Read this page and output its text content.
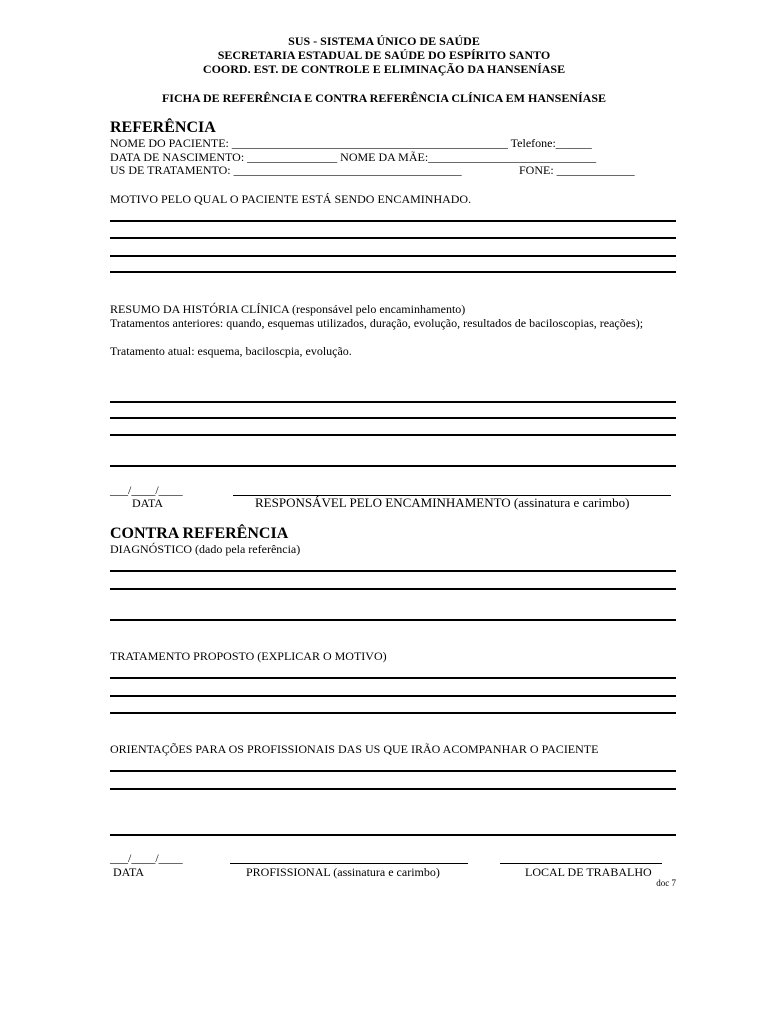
SUS - SISTEMA ÚNICO DE SAÚDE
SECRETARIA ESTADUAL DE SAÚDE DO ESPÍRITO SANTO
COORD. EST. DE CONTROLE E ELIMINAÇÃO DA HANSENÍASE
FICHA DE REFERÊNCIA E CONTRA REFERÊNCIA CLÍNICA EM HANSENÍASE
REFERÊNCIA
NOME DO PACIENTE: ______________________________________________ Telefone:______
DATA DE NASCIMENTO: _______________ NOME DA MÃE:____________________________
US DE TRATAMENTO: ______________________________________	FONE: _____________
MOTIVO PELO QUAL O PACIENTE ESTÁ SENDO ENCAMINHADO.
RESUMO DA HISTÓRIA CLÍNICA (responsável pelo encaminhamento)
Tratamentos anteriores: quando, esquemas utilizados, duração, evolução, resultados de baciloscopias, reações);
Tratamento atual: esquema, baciloscpia, evolução.
___/____/____
DATA	RESPONSÁVEL PELO ENCAMINHAMENTO (assinatura e carimbo)
CONTRA REFERÊNCIA
DIAGNÓSTICO (dado pela referência)
TRATAMENTO PROPOSTO (EXPLICAR O MOTIVO)
ORIENTAÇÕES PARA OS PROFISSIONAIS DAS US QUE IRÃO ACOMPANHAR O PACIENTE
___/____/____
DATA	PROFISSIONAL (assinatura e carimbo)	LOCAL DE TRABALHO
doc 7
